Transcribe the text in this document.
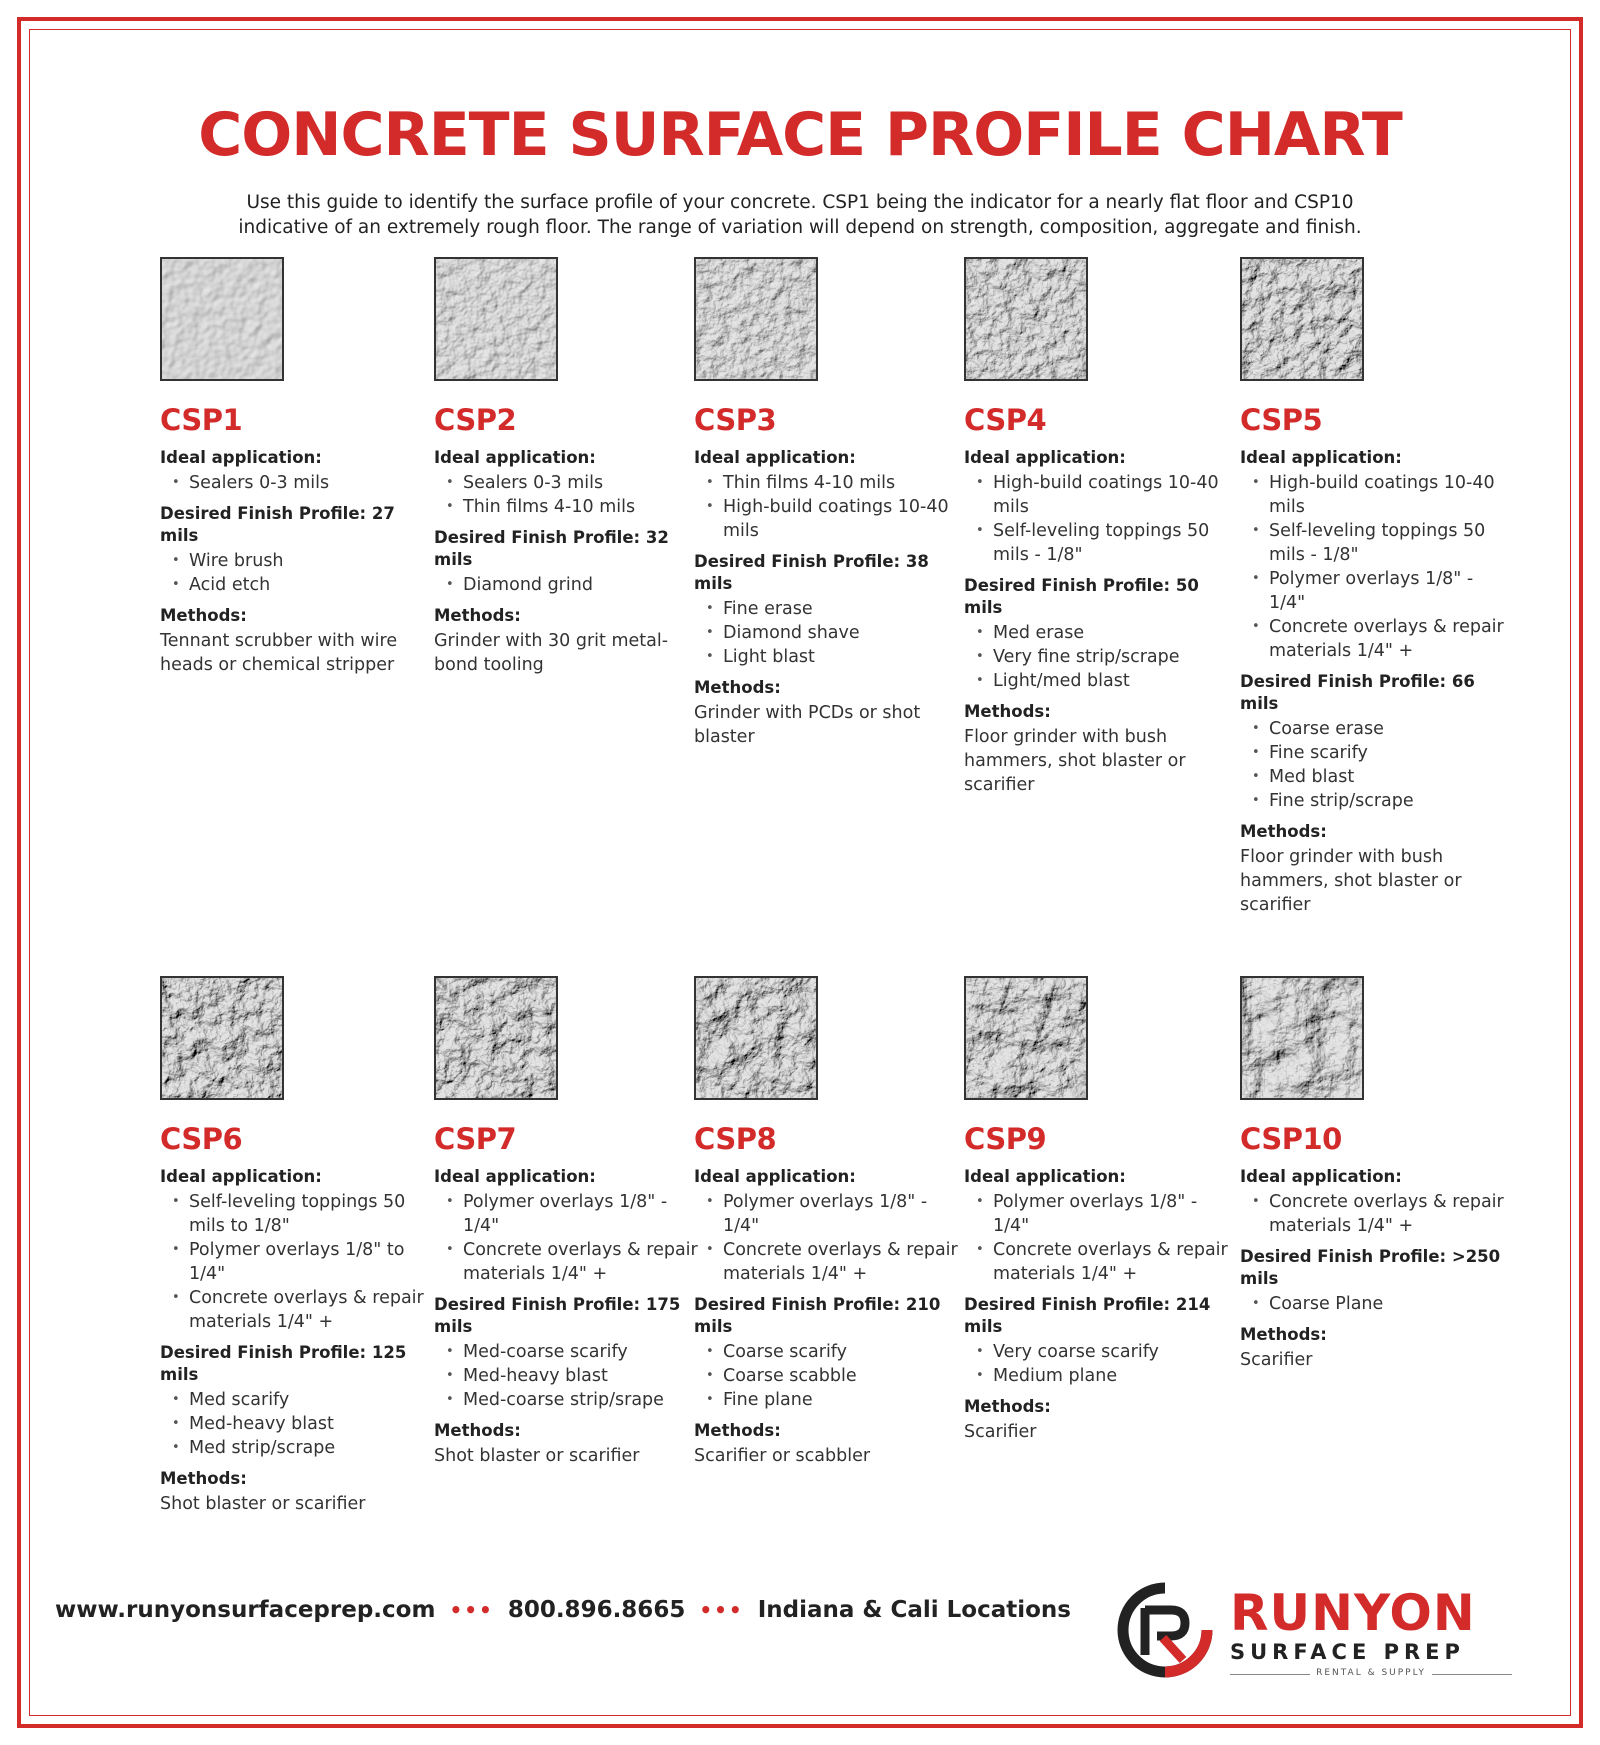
CONCRETE SURFACE PROFILE CHART
Use this guide to identify the surface profile of your concrete. CSP1 being the indicator for a nearly flat floor and CSP10
indicative of an extremely rough floor. The range of variation will depend on strength, composition, aggregate and finish.
CSP1
Ideal application:
• Sealers 0-3 mils
Desired Finish Profile: 27 mils
• Wire brush
• Acid etch
Methods:

Tennant scrubber with wire heads or chemical stripper

CSP2
Ideal application:
• Sealers 0-3 mils
• Thin films 4-10 mils
Desired Finish Profile: 32 mils
• Diamond grind
Methods:

Grinder with 30 grit metal-bond tooling

CSP3
Ideal application:
• Thin films 4-10 mils
• High-build coatings 10-40 mils
Desired Finish Profile: 38 mils
• Fine erase
• Diamond shave
• Light blast
Methods:

Grinder with PCDs or shot blaster

CSP4
Ideal application:
• High-build coatings 10-40 mils
• Self-leveling toppings 50 mils - 1/8"
Desired Finish Profile: 50 mils
• Med erase
• Very fine strip/scrape
• Light/med blast
Methods:

Floor grinder with bush hammers, shot blaster or scarifier

CSP5
Ideal application:
• High-build coatings 10-40 mils
• Self-leveling toppings 50 mils - 1/8"
• Polymer overlays 1/8" - 1/4"
• Concrete overlays & repair materials 1/4" +
Desired Finish Profile: 66 mils
• Coarse erase
• Fine scarify
• Med blast
• Fine strip/scrape
Methods:

Floor grinder with bush hammers, shot blaster or scarifier

CSP6
Ideal application:
• Self-leveling toppings 50 mils to 1/8"
• Polymer overlays 1/8" to 1/4"
• Concrete overlays & repair materials 1/4" +
Desired Finish Profile: 125 mils
• Med scarify
• Med-heavy blast
• Med strip/scrape
Methods:

Shot blaster or scarifier

CSP7
Ideal application:
• Polymer overlays 1/8" - 1/4"
• Concrete overlays & repair materials 1/4" +
Desired Finish Profile: 175 mils
• Med-coarse scarify
• Med-heavy blast
• Med-coarse strip/srape
Methods:

Shot blaster or scarifier

CSP8
Ideal application:
• Polymer overlays 1/8" - 1/4"
• Concrete overlays & repair materials 1/4" +
Desired Finish Profile: 210 mils
• Coarse scarify
• Coarse scabble
• Fine plane
Methods:

Scarifier or scabbler

CSP9
Ideal application:
• Polymer overlays 1/8" - 1/4"
• Concrete overlays & repair materials 1/4" +
Desired Finish Profile: 214 mils
• Very coarse scarify
• Medium plane
Methods:

Scarifier

CSP10
Ideal application:
• Concrete overlays & repair materials 1/4" +
Desired Finish Profile: >250 mils
• Coarse Plane
Methods:

Scarifier

www.runyonsurfaceprep.com ••• 800.896.8665 ••• Indiana & Cali Locations	RUNYON
SURFACE PREP
RENTAL & SUPPLY
